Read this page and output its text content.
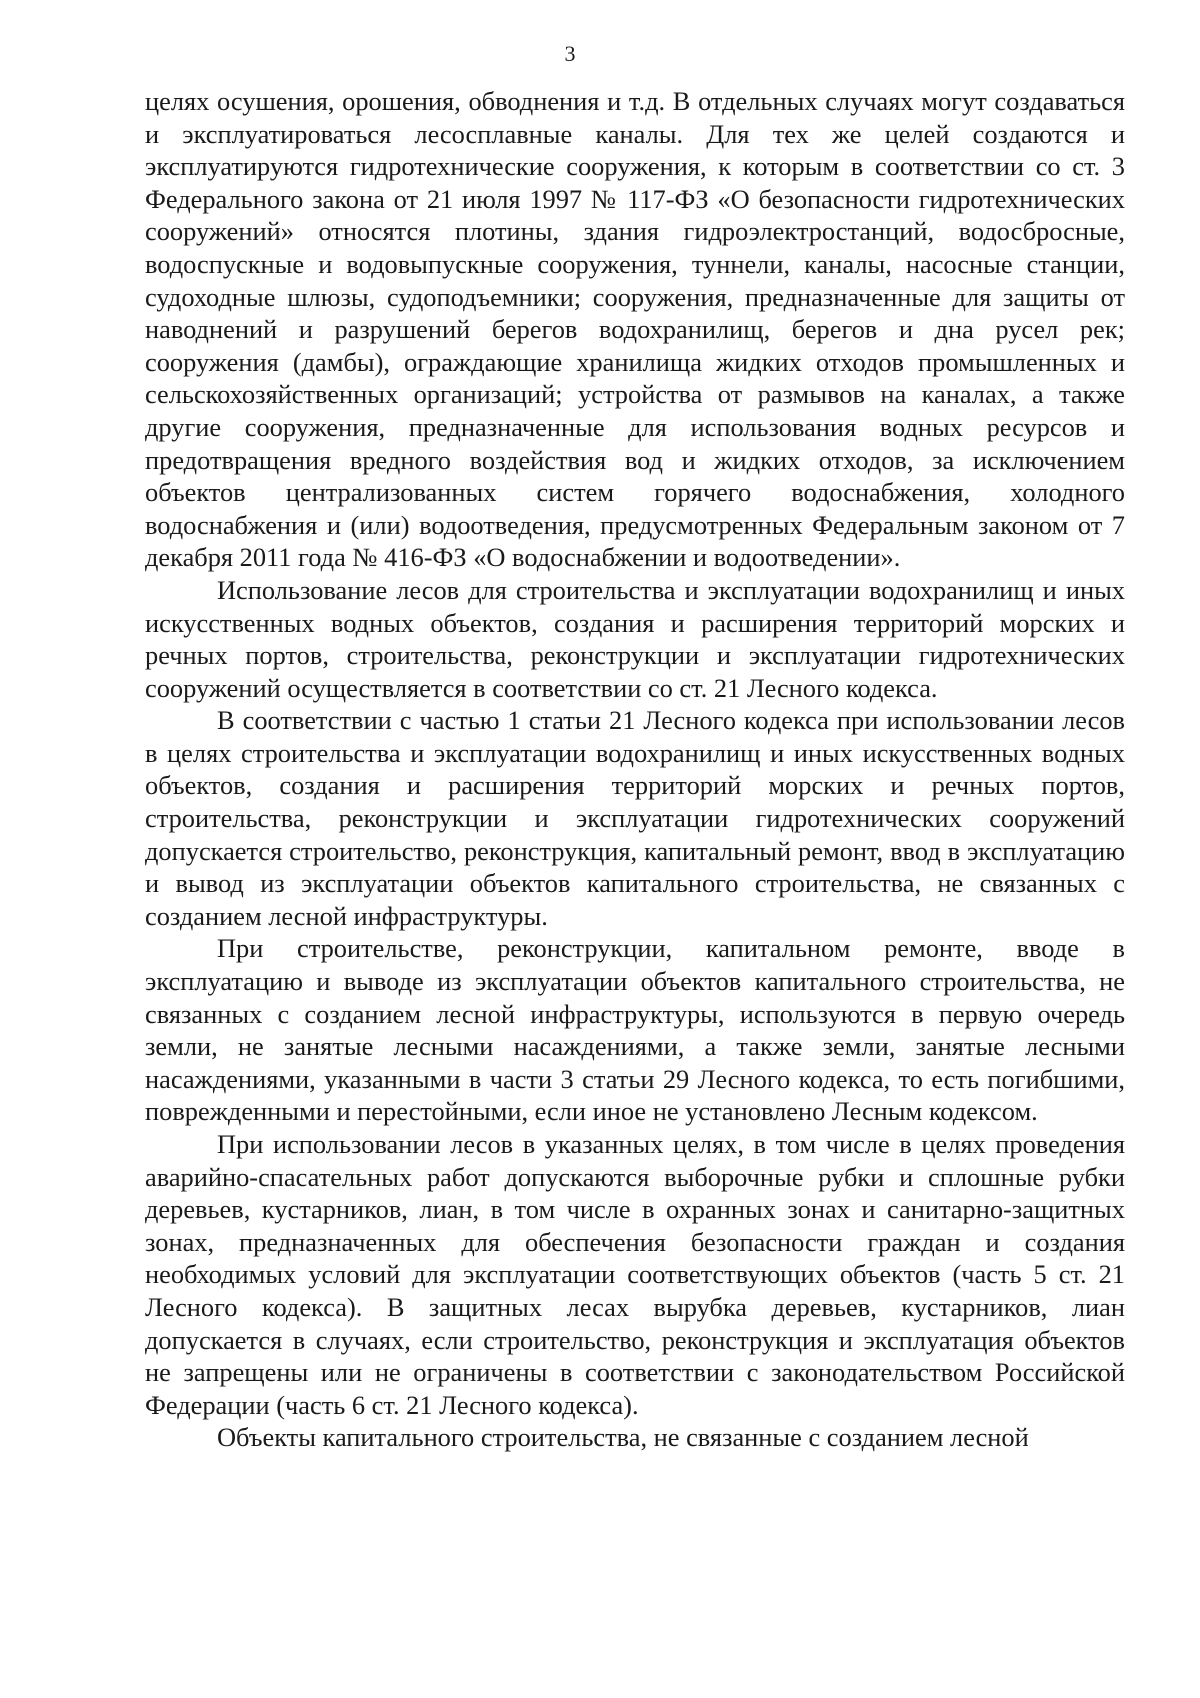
3

целях осушения, орошения, обводнения и т.д. В отдельных случаях могут создаваться и эксплуатироваться лесосплавные каналы. Для тех же целей создаются и эксплуатируются гидротехнические сооружения, к которым в соответствии со ст. 3 Федерального закона от 21 июля 1997 № 117-ФЗ «О безопасности гидротехнических сооружений» относятся плотины, здания гидроэлектростанций, водосбросные, водоспускные и водовыпускные сооружения, туннели, каналы, насосные станции, судоходные шлюзы, судоподъемники; сооружения, предназначенные для защиты от наводнений и разрушений берегов водохранилищ, берегов и дна русел рек; сооружения (дамбы), ограждающие хранилища жидких отходов промышленных и сельскохозяйственных организаций; устройства от размывов на каналах, а также другие сооружения, предназначенные для использования водных ресурсов и предотвращения вредного воздействия вод и жидких отходов, за исключением объектов централизованных систем горячего водоснабжения, холодного водоснабжения и (или) водоотведения, предусмотренных Федеральным законом от 7 декабря 2011 года № 416-ФЗ «О водоснабжении и водоотведении».

Использование лесов для строительства и эксплуатации водохранилищ и иных искусственных водных объектов, создания и расширения территорий морских и речных портов, строительства, реконструкции и эксплуатации гидротехнических сооружений осуществляется в соответствии со ст. 21 Лесного кодекса.

В соответствии с частью 1 статьи 21 Лесного кодекса при использовании лесов в целях строительства и эксплуатации водохранилищ и иных искусственных водных объектов, создания и расширения территорий морских и речных портов, строительства, реконструкции и эксплуатации гидротехнических сооружений допускается строительство, реконструкция, капитальный ремонт, ввод в эксплуатацию и вывод из эксплуатации объектов капитального строительства, не связанных с созданием лесной инфраструктуры.

При строительстве, реконструкции, капитальном ремонте, вводе в эксплуатацию и выводе из эксплуатации объектов капитального строительства, не связанных с созданием лесной инфраструктуры, используются в первую очередь земли, не занятые лесными насаждениями, а также земли, занятые лесными насаждениями, указанными в части 3 статьи 29 Лесного кодекса, то есть погибшими, поврежденными и перестойными, если иное не установлено Лесным кодексом.

При использовании лесов в указанных целях, в том числе в целях проведения аварийно-спасательных работ допускаются выборочные рубки и сплошные рубки деревьев, кустарников, лиан, в том числе в охранных зонах и санитарно-защитных зонах, предназначенных для обеспечения безопасности граждан и создания необходимых условий для эксплуатации соответствующих объектов (часть 5 ст. 21 Лесного кодекса). В защитных лесах вырубка деревьев, кустарников, лиан допускается в случаях, если строительство, реконструкция и эксплуатация объектов не запрещены или не ограничены в соответствии с законодательством Российской Федерации (часть 6 ст. 21 Лесного кодекса).

Объекты капитального строительства, не связанные с созданием лесной
